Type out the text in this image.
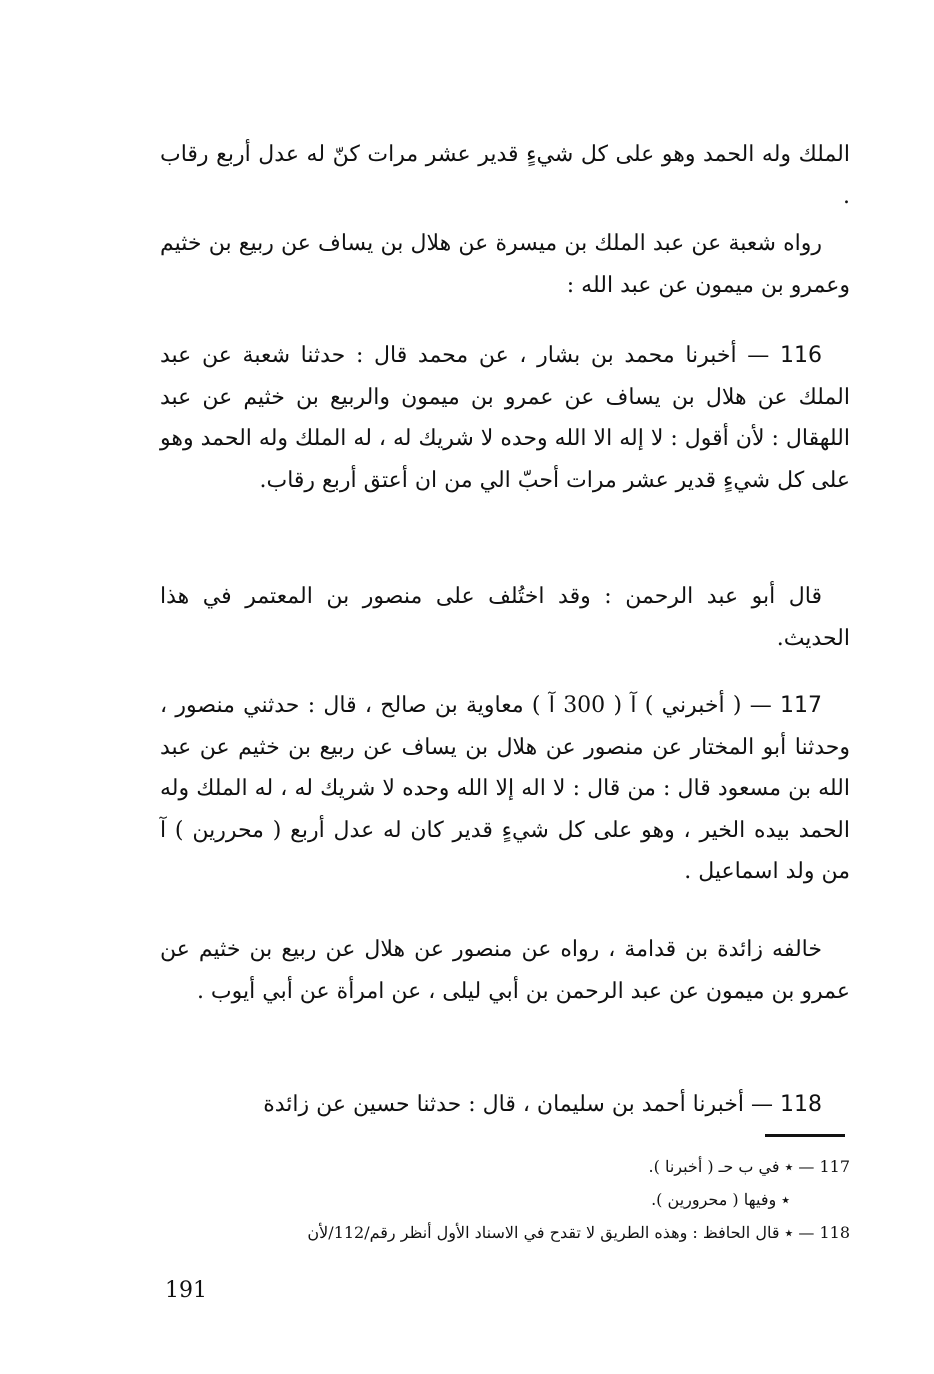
الملك وله الحمد وهو على كل شيءٍ قدير عشر مرات كنّ له عدل أربع رقاب .

رواه شعبة عن عبد الملك بن ميسرة عن هلال بن يساف عن ربيع بن خثيم وعمرو بن ميمون عن عبد الله :

116 — أخبرنا محمد بن بشار ، عن محمد قال : حدثنا شعبة عن عبد الملك عن هلال بن يساف عن عمرو بن ميمون والربيع بن خثيم عن عبد اللهقال : لأن أقول : لا إله الا الله وحده لا شريك له ، له الملك وله الحمد وهو على كل شيءٍ قدير عشر مرات أحبّ الي من ان أعتق أربع رقاب.

قال أبو عبد الرحمن : وقد اختُلف على منصور بن المعتمر في هذا الحديث.

117 — ( أخبرني ) آ ( 300 آ ) معاوية بن صالح ، قال : حدثني منصور ، وحدثنا أبو المختار عن منصور عن هلال بن يساف عن ربيع بن خثيم عن عبد الله بن مسعود قال : من قال : لا اله إلا الله وحده لا شريك له ، له الملك وله الحمد بيده الخير ، وهو على كل شيءٍ قدير كان له عدل أربع ( محررين ) آ من ولد اسماعيل .

خالفه زائدة بن قدامة ، رواه عن منصور عن هلال عن ربيع بن خثيم عن عمرو بن ميمون عن عبد الرحمن بن أبي ليلى ، عن امرأة عن أبي أيوب .

118 — أخبرنا أحمد بن سليمان ، قال : حدثنا حسين عن زائدة

117 — ٭ في ب حـ ( أخبرنا ).
٭ وفيها ( محرورين ).
118 — ٭ قال الحافظ : وهذه الطريق لا تقدح في الاسناد الأول أنظر رقم/112/لأن
191
